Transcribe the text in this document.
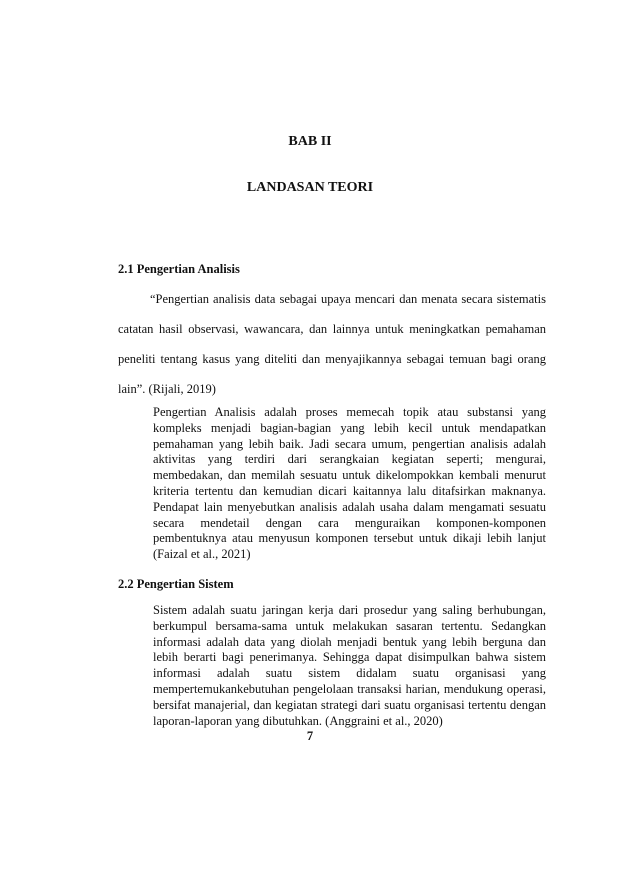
BAB II
LANDASAN TEORI
2.1 Pengertian Analisis
“Pengertian analisis data sebagai upaya mencari dan menata secara sistematis catatan hasil observasi, wawancara, dan lainnya untuk meningkatkan pemahaman peneliti tentang kasus yang diteliti dan menyajikannya sebagai temuan bagi orang lain”. (Rijali, 2019)
Pengertian Analisis adalah proses memecah topik atau substansi yang kompleks menjadi bagian-bagian yang lebih kecil untuk mendapatkan pemahaman yang lebih baik. Jadi secara umum, pengertian analisis adalah aktivitas yang terdiri dari serangkaian kegiatan seperti; mengurai, membedakan, dan memilah sesuatu untuk dikelompokkan kembali menurut kriteria tertentu dan kemudian dicari kaitannya lalu ditafsirkan maknanya. Pendapat lain menyebutkan analisis adalah usaha dalam mengamati sesuatu secara mendetail dengan cara menguraikan komponen-komponen pembentuknya atau menyusun komponen tersebut untuk dikaji lebih lanjut (Faizal et al., 2021)
2.2 Pengertian Sistem
Sistem adalah suatu jaringan kerja dari prosedur yang saling berhubungan, berkumpul bersama-sama untuk melakukan sasaran tertentu. Sedangkan informasi adalah data yang diolah menjadi bentuk yang lebih berguna dan lebih berarti bagi penerimanya. Sehingga dapat disimpulkan bahwa sistem informasi adalah suatu sistem didalam suatu organisasi yang mempertemukankebutuhan pengelolaan transaksi harian, mendukung operasi, bersifat manajerial, dan kegiatan strategi dari suatu organisasi tertentu dengan laporan-laporan yang dibutuhkan. (Anggraini et al., 2020)
7
